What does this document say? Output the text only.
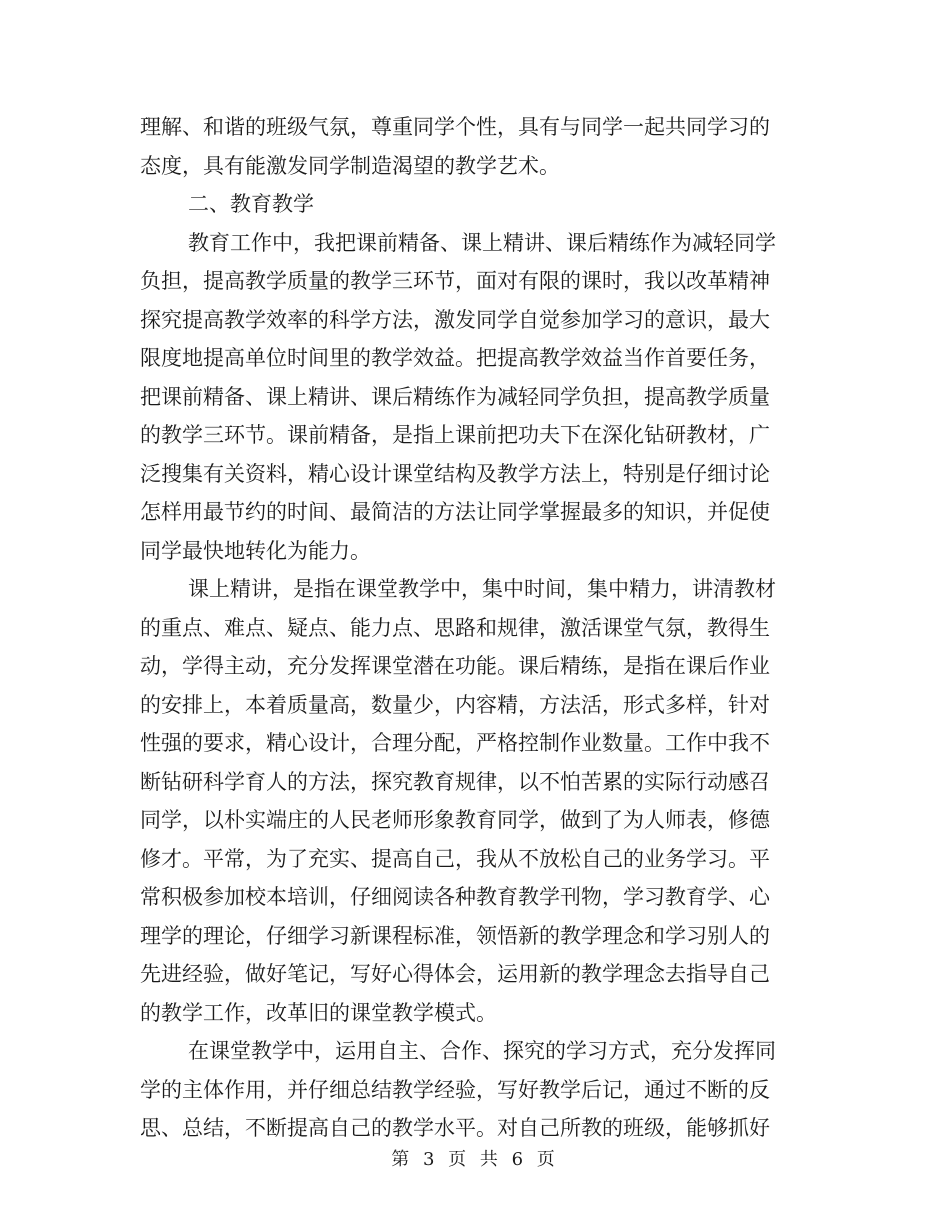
理解、和谐的班级气氛，尊重同学个性，具有与同学一起共同学习的
态度，具有能激发同学制造渴望的教学艺术。
二、教育教学
教育工作中，我把课前精备、课上精讲、课后精练作为减轻同学
负担，提高教学质量的教学三环节，面对有限的课时，我以改革精神
探究提高教学效率的科学方法，激发同学自觉参加学习的意识，最大
限度地提高单位时间里的教学效益。把提高教学效益当作首要任务，
把课前精备、课上精讲、课后精练作为减轻同学负担，提高教学质量
的教学三环节。课前精备，是指上课前把功夫下在深化钻研教材，广
泛搜集有关资料，精心设计课堂结构及教学方法上，特别是仔细讨论
怎样用最节约的时间、最简洁的方法让同学掌握最多的知识，并促使
同学最快地转化为能力。
课上精讲，是指在课堂教学中，集中时间，集中精力，讲清教材
的重点、难点、疑点、能力点、思路和规律，激活课堂气氛，教得生
动，学得主动，充分发挥课堂潜在功能。课后精练，是指在课后作业
的安排上，本着质量高，数量少，内容精，方法活，形式多样，针对
性强的要求，精心设计，合理分配，严格控制作业数量。工作中我不
断钻研科学育人的方法，探究教育规律，以不怕苦累的实际行动感召
同学，以朴实端庄的人民老师形象教育同学，做到了为人师表，修德
修才。平常，为了充实、提高自己，我从不放松自己的业务学习。平
常积极参加校本培训，仔细阅读各种教育教学刊物，学习教育学、心
理学的理论，仔细学习新课程标准，领悟新的教学理念和学习别人的
先进经验，做好笔记，写好心得体会，运用新的教学理念去指导自己
的教学工作，改革旧的课堂教学模式。
在课堂教学中，运用自主、合作、探究的学习方式，充分发挥同
学的主体作用，并仔细总结教学经验，写好教学后记，通过不断的反
思、总结，不断提高自己的教学水平。对自己所教的班级，能够抓好
第 3 页 共 6 页
